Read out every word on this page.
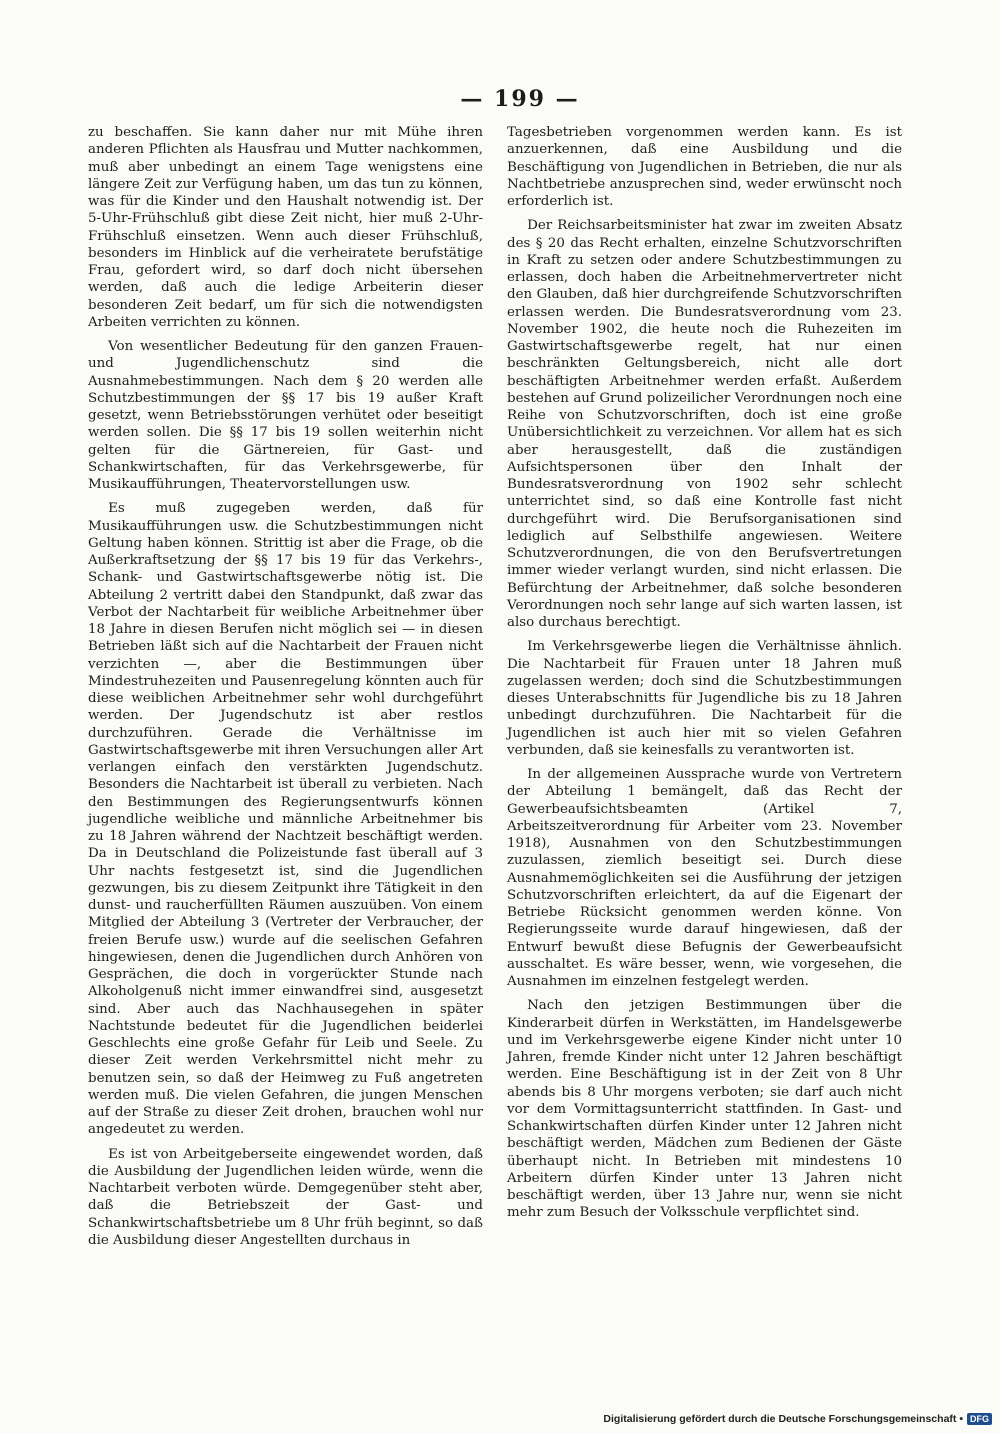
— 199 —

zu beschaffen. Sie kann daher nur mit Mühe ihren anderen Pflichten als Hausfrau und Mutter nachkommen, muß aber unbedingt an einem Tage wenigstens eine längere Zeit zur Verfügung haben, um das tun zu können, was für die Kinder und den Haushalt notwendig ist. Der 5-Uhr-Frühschluß gibt diese Zeit nicht, hier muß 2-Uhr-Frühschluß einsetzen. Wenn auch dieser Frühschluß, besonders im Hinblick auf die verheiratete berufstätige Frau, gefordert wird, so darf doch nicht übersehen werden, daß auch die ledige Arbeiterin dieser besonderen Zeit bedarf, um für sich die notwendigsten Arbeiten verrichten zu können.

Von wesentlicher Bedeutung für den ganzen Frauen- und Jugendlichenschutz sind die Ausnahmebestimmungen. Nach dem § 20 werden alle Schutzbestimmungen der §§ 17 bis 19 außer Kraft gesetzt, wenn Betriebsstörungen verhütet oder beseitigt werden sollen. Die §§ 17 bis 19 sollen weiterhin nicht gelten für die Gärtnereien, für Gast- und Schankwirtschaften, für das Verkehrsgewerbe, für Musikaufführungen, Theatervorstellungen usw.

Es muß zugegeben werden, daß für Musikaufführungen usw. die Schutzbestimmungen nicht Geltung haben können. Strittig ist aber die Frage, ob die Außerkraftsetzung der §§ 17 bis 19 für das Verkehrs-, Schank- und Gastwirtschaftsgewerbe nötig ist. Die Abteilung 2 vertritt dabei den Standpunkt, daß zwar das Verbot der Nachtarbeit für weibliche Arbeitnehmer über 18 Jahre in diesen Berufen nicht möglich sei — in diesen Betrieben läßt sich auf die Nachtarbeit der Frauen nicht verzichten —, aber die Bestimmungen über Mindestruhezeiten und Pausenregelung könnten auch für diese weiblichen Arbeitnehmer sehr wohl durchgeführt werden. Der Jugendschutz ist aber restlos durchzuführen. Gerade die Verhältnisse im Gastwirtschaftsgewerbe mit ihren Versuchungen aller Art verlangen einfach den verstärkten Jugendschutz. Besonders die Nachtarbeit ist überall zu verbieten. Nach den Bestimmungen des Regierungsentwurfs können jugendliche weibliche und männliche Arbeitnehmer bis zu 18 Jahren während der Nachtzeit beschäftigt werden. Da in Deutschland die Polizeistunde fast überall auf 3 Uhr nachts festgesetzt ist, sind die Jugendlichen gezwungen, bis zu diesem Zeitpunkt ihre Tätigkeit in den dunst- und raucherfüllten Räumen auszuüben. Von einem Mitglied der Abteilung 3 (Vertreter der Verbraucher, der freien Berufe usw.) wurde auf die seelischen Gefahren hingewiesen, denen die Jugendlichen durch Anhören von Gesprächen, die doch in vorgerückter Stunde nach Alkoholgenuß nicht immer einwandfrei sind, ausgesetzt sind. Aber auch das Nachhausegehen in später Nachtstunde bedeutet für die Jugendlichen beiderlei Geschlechts eine große Gefahr für Leib und Seele. Zu dieser Zeit werden Verkehrsmittel nicht mehr zu benutzen sein, so daß der Heimweg zu Fuß angetreten werden muß. Die vielen Gefahren, die jungen Menschen auf der Straße zu dieser Zeit drohen, brauchen wohl nur angedeutet zu werden.

Es ist von Arbeitgeberseite eingewendet worden, daß die Ausbildung der Jugendlichen leiden würde, wenn die Nachtarbeit verboten würde. Demgegenüber steht aber, daß die Betriebszeit der Gast- und Schankwirtschaftsbetriebe um 8 Uhr früh beginnt, so daß die Ausbildung dieser Angestellten durchaus in

Tagesbetrieben vorgenommen werden kann. Es ist anzuerkennen, daß eine Ausbildung und die Beschäftigung von Jugendlichen in Betrieben, die nur als Nachtbetriebe anzusprechen sind, weder erwünscht noch erforderlich ist.

Der Reichsarbeitsminister hat zwar im zweiten Absatz des § 20 das Recht erhalten, einzelne Schutzvorschriften in Kraft zu setzen oder andere Schutzbestimmungen zu erlassen, doch haben die Arbeitnehmervertreter nicht den Glauben, daß hier durchgreifende Schutzvorschriften erlassen werden. Die Bundesratsverordnung vom 23. November 1902, die heute noch die Ruhezeiten im Gastwirtschaftsgewerbe regelt, hat nur einen beschränkten Geltungsbereich, nicht alle dort beschäftigten Arbeitnehmer werden erfaßt. Außerdem bestehen auf Grund polizeilicher Verordnungen noch eine Reihe von Schutzvorschriften, doch ist eine große Unübersichtlichkeit zu verzeichnen. Vor allem hat es sich aber herausgestellt, daß die zuständigen Aufsichtspersonen über den Inhalt der Bundesratsverordnung von 1902 sehr schlecht unterrichtet sind, so daß eine Kontrolle fast nicht durchgeführt wird. Die Berufsorganisationen sind lediglich auf Selbsthilfe angewiesen. Weitere Schutzverordnungen, die von den Berufsvertretungen immer wieder verlangt wurden, sind nicht erlassen. Die Befürchtung der Arbeitnehmer, daß solche besonderen Verordnungen noch sehr lange auf sich warten lassen, ist also durchaus berechtigt.

Im Verkehrsgewerbe liegen die Verhältnisse ähnlich. Die Nachtarbeit für Frauen unter 18 Jahren muß zugelassen werden; doch sind die Schutzbestimmungen dieses Unterabschnitts für Jugendliche bis zu 18 Jahren unbedingt durchzuführen. Die Nachtarbeit für die Jugendlichen ist auch hier mit so vielen Gefahren verbunden, daß sie keinesfalls zu verantworten ist.

In der allgemeinen Aussprache wurde von Vertretern der Abteilung 1 bemängelt, daß das Recht der Gewerbeaufsichtsbeamten (Artikel 7, Arbeitszeitverordnung für Arbeiter vom 23. November 1918), Ausnahmen von den Schutzbestimmungen zuzulassen, ziemlich beseitigt sei. Durch diese Ausnahmemöglichkeiten sei die Ausführung der jetzigen Schutzvorschriften erleichtert, da auf die Eigenart der Betriebe Rücksicht genommen werden könne. Von Regierungsseite wurde darauf hingewiesen, daß der Entwurf bewußt diese Befugnis der Gewerbeaufsicht ausschaltet. Es wäre besser, wenn, wie vorgesehen, die Ausnahmen im einzelnen festgelegt werden.

Nach den jetzigen Bestimmungen über die Kinderarbeit dürfen in Werkstätten, im Handelsgewerbe und im Verkehrsgewerbe eigene Kinder nicht unter 10 Jahren, fremde Kinder nicht unter 12 Jahren beschäftigt werden. Eine Beschäftigung ist in der Zeit von 8 Uhr abends bis 8 Uhr morgens verboten; sie darf auch nicht vor dem Vormittagsunterricht stattfinden. In Gast- und Schankwirtschaften dürfen Kinder unter 12 Jahren nicht beschäftigt werden, Mädchen zum Bedienen der Gäste überhaupt nicht. In Betrieben mit mindestens 10 Arbeitern dürfen Kinder unter 13 Jahren nicht beschäftigt werden, über 13 Jahre nur, wenn sie nicht mehr zum Besuch der Volksschule verpflichtet sind.

Digitalisierung gefördert durch die Deutsche Forschungsgemeinschaft • DFG
